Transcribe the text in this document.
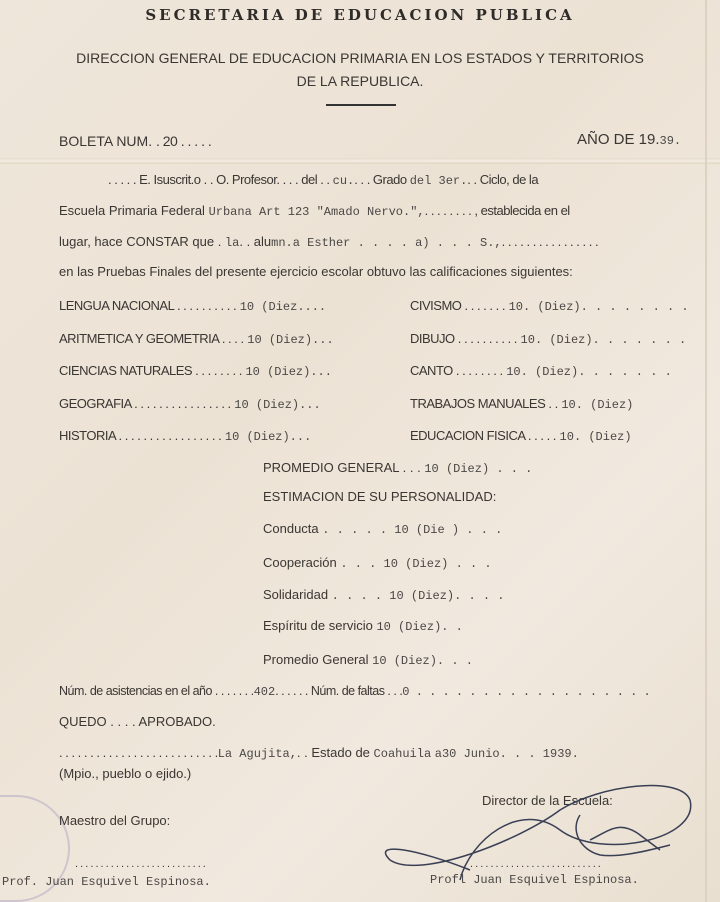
SECRETARIA DE EDUCACION PUBLICA
DIRECCION GENERAL DE EDUCACION PRIMARIA EN LOS ESTADOS Y TERRITORIOS
DE LA REPUBLICA.
BOLETA NUM. . 20 . . . . .	AÑO DE 19.39.
. . . . . E. Isuscrit.o . . O. Profesor. . . . del . . cu.. . . Grado del 3er.. . Ciclo, de la
Escuela Primaria Federal Urbana Art 123 "Amado Nervo.",. . . . . . . . , establecida en el
lugar, hace CONSTAR que . la. . alumn.a Esther . . . . a) . . . S.,. . . . . . . . . . . . . . . .
en las Pruebas Finales del presente ejercicio escolar obtuvo las calificaciones siguientes:
LENGUA NACIONAL . . . . . . . . . . 10 (Diez....	CIVISMO . . . . . . . 10. (Diez). . . . . . . .
ARITMETICA Y GEOMETRIA . . . . 10 (Diez)...	DIBUJO . . . . . . . . . . 10. (Diez). . . . . . .
CIENCIAS NATURALES . . . . . . . . 10 (Diez)...	CANTO . . . . . . . . 10. (Diez). . . . . . .
GEOGRAFIA . . . . . . . . . . . . . . . . 10 (Diez)...	TRABAJOS MANUALES . . 10. (Diez)
HISTORIA . . . . . . . . . . . . . . . . . 10 (Diez)...	EDUCACION FISICA . . . . . 10. (Diez)
PROMEDIO GENERAL . . . 10 (Diez) . . .
ESTIMACION DE SU PERSONALIDAD:
Conducta . . . . . 10 (Die ) . . .
Cooperación . . . 10 (Diez) . . .
Solidaridad . . . . 10 (Diez). . . .
Espíritu de servicio 10 (Diez). .
Promedio General 10 (Diez). . .
Núm. de asistencias en el año . . . . . . .402. . . . . . Núm. de faltas . . .0 . . . . . . . . . . . . . . . . . .
QUEDO . . . . APROBADO.
. . . . . . . . . . . . . . . . . . . . . . . . . .La Agujita,. . Estado de Coahuila a30 Junio. . . 1939.
(Mpio., pueblo o ejido.)
Director de la Escuela:
Maestro del Grupo:
. . . . . . . . . . . . . . . . . . . . . . . . . .	. . . . . . . . . . . . . . . . . . . . . . . . . .
Prof. Juan Esquivel Espinosa.	Profl Juan Esquivel Espinosa.
